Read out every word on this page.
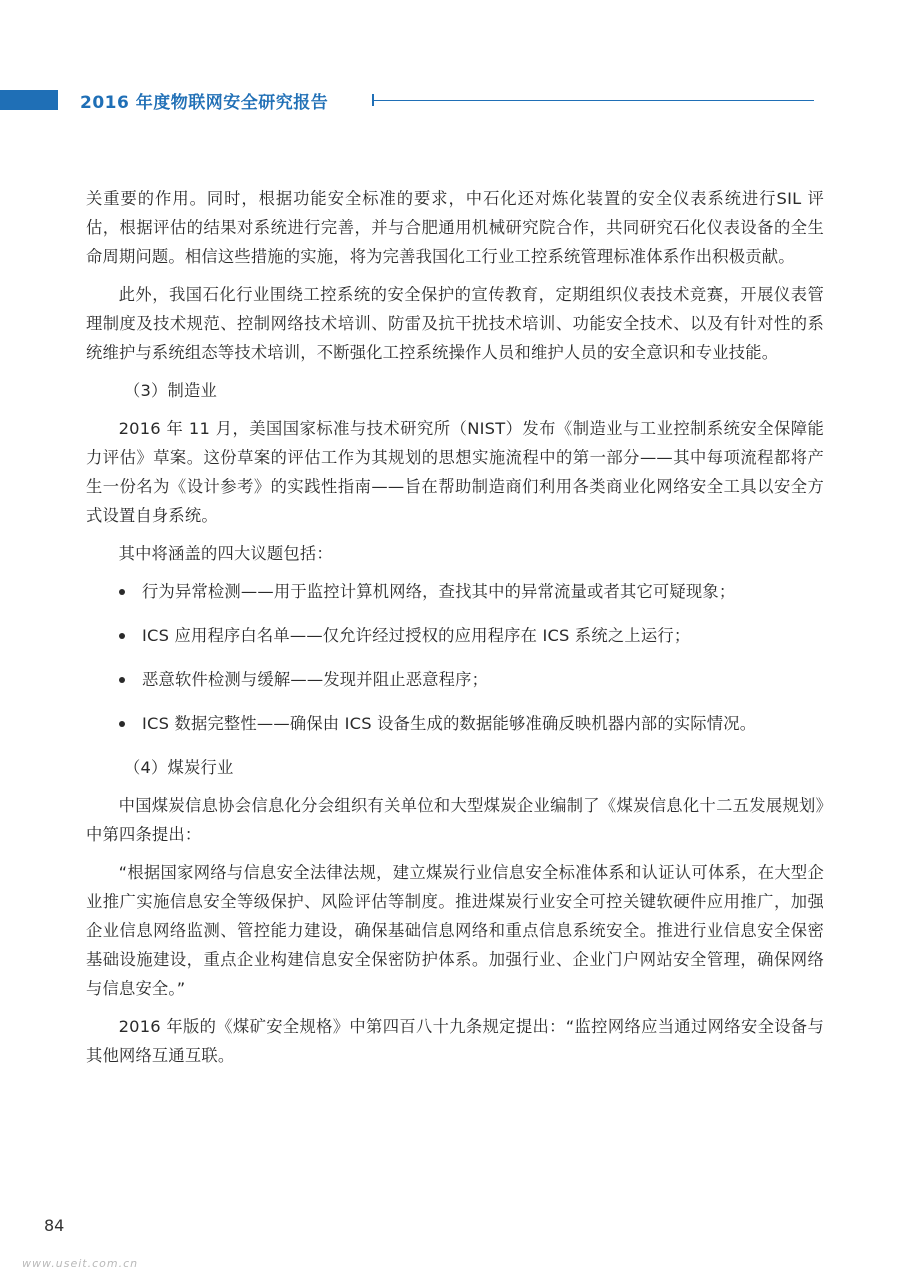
2016 年度物联网安全研究报告

关重要的作用。同时，根据功能安全标准的要求，中石化还对炼化装置的安全仪表系统进行SIL 评估，根据评估的结果对系统进行完善，并与合肥通用机械研究院合作，共同研究石化仪表设备的全生命周期问题。相信这些措施的实施，将为完善我国化工行业工控系统管理标准体系作出积极贡献。

此外，我国石化行业围绕工控系统的安全保护的宣传教育，定期组织仪表技术竞赛，开展仪表管理制度及技术规范、控制网络技术培训、防雷及抗干扰技术培训、功能安全技术、以及有针对性的系统维护与系统组态等技术培训，不断强化工控系统操作人员和维护人员的安全意识和专业技能。

（3）制造业

2016 年 11 月，美国国家标准与技术研究所（NIST）发布《制造业与工业控制系统安全保障能力评估》草案。这份草案的评估工作为其规划的思想实施流程中的第一部分——其中每项流程都将产生一份名为《设计参考》的实践性指南——旨在帮助制造商们利用各类商业化网络安全工具以安全方式设置自身系统。

其中将涵盖的四大议题包括：

行为异常检测——用于监控计算机网络，查找其中的异常流量或者其它可疑现象；
ICS 应用程序白名单——仅允许经过授权的应用程序在 ICS 系统之上运行；
恶意软件检测与缓解——发现并阻止恶意程序；
ICS 数据完整性——确保由 ICS 设备生成的数据能够准确反映机器内部的实际情况。

（4）煤炭行业

中国煤炭信息协会信息化分会组织有关单位和大型煤炭企业编制了《煤炭信息化十二五发展规划》中第四条提出：

“根据国家网络与信息安全法律法规，建立煤炭行业信息安全标准体系和认证认可体系，在大型企业推广实施信息安全等级保护、风险评估等制度。推进煤炭行业安全可控关键软硬件应用推广，加强企业信息网络监测、管控能力建设，确保基础信息网络和重点信息系统安全。推进行业信息安全保密基础设施建设，重点企业构建信息安全保密防护体系。加强行业、企业门户网站安全管理，确保网络与信息安全。”

2016 年版的《煤矿安全规格》中第四百八十九条规定提出：“监控网络应当通过网络安全设备与其他网络互通互联。

84
www.useit.com.cn
